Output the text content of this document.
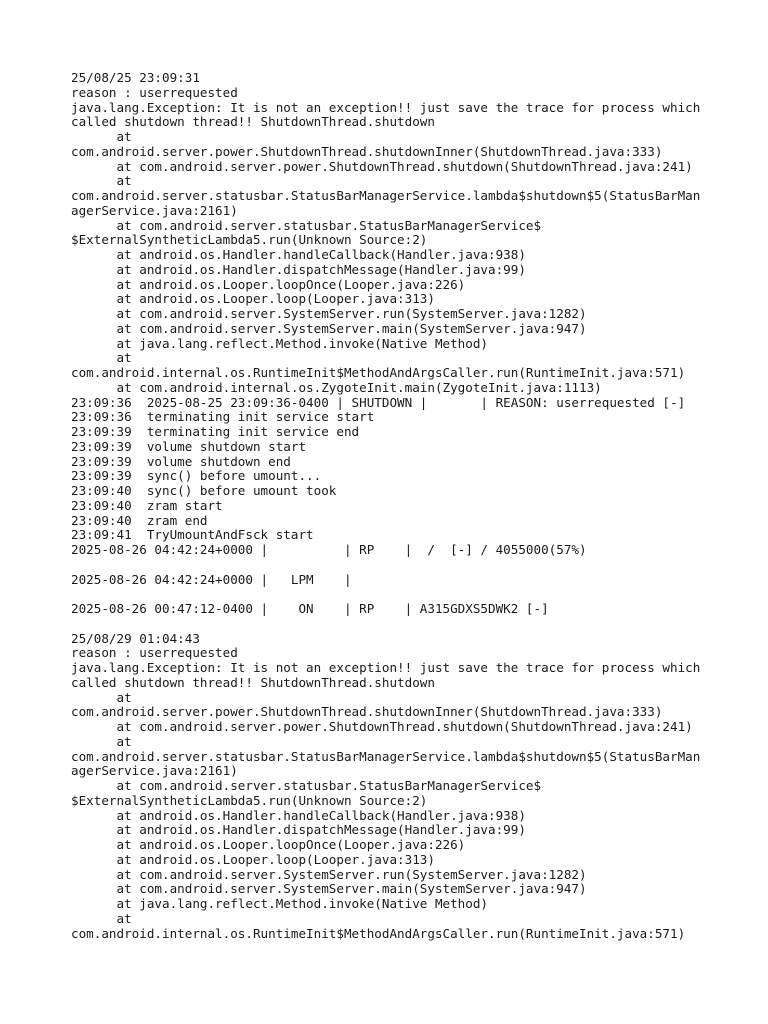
25/08/25 23:09:31
reason : userrequested
java.lang.Exception: It is not an exception!! just save the trace for process which
called shutdown thread!! ShutdownThread.shutdown
at
com.android.server.power.ShutdownThread.shutdownInner(ShutdownThread.java:333)
at com.android.server.power.ShutdownThread.shutdown(ShutdownThread.java:241)
at
com.android.server.statusbar.StatusBarManagerService.lambda$shutdown$5(StatusBarMan
agerService.java:2161)
at com.android.server.statusbar.StatusBarManagerService$
$ExternalSyntheticLambda5.run(Unknown Source:2)
at android.os.Handler.handleCallback(Handler.java:938)
at android.os.Handler.dispatchMessage(Handler.java:99)
at android.os.Looper.loopOnce(Looper.java:226)
at android.os.Looper.loop(Looper.java:313)
at com.android.server.SystemServer.run(SystemServer.java:1282)
at com.android.server.SystemServer.main(SystemServer.java:947)
at java.lang.reflect.Method.invoke(Native Method)
at
com.android.internal.os.RuntimeInit$MethodAndArgsCaller.run(RuntimeInit.java:571)
at com.android.internal.os.ZygoteInit.main(ZygoteInit.java:1113)
23:09:36  2025-08-25 23:09:36-0400 | SHUTDOWN |       | REASON: userrequested [-]
23:09:36  terminating init service start
23:09:39  terminating init service end
23:09:39  volume shutdown start
23:09:39  volume shutdown end
23:09:39  sync() before umount...
23:09:40  sync() before umount took
23:09:40  zram start
23:09:40  zram end
23:09:41  TryUmountAndFsck start
2025-08-26 04:42:24+0000 |          | RP    |  /  [-] / 4055000(57%)
2025-08-26 04:42:24+0000 |   LPM    |
2025-08-26 00:47:12-0400 |    ON    | RP    | A315GDXS5DWK2 [-]
25/08/29 01:04:43
reason : userrequested
java.lang.Exception: It is not an exception!! just save the trace for process which
called shutdown thread!! ShutdownThread.shutdown
at
com.android.server.power.ShutdownThread.shutdownInner(ShutdownThread.java:333)
at com.android.server.power.ShutdownThread.shutdown(ShutdownThread.java:241)
at
com.android.server.statusbar.StatusBarManagerService.lambda$shutdown$5(StatusBarMan
agerService.java:2161)
at com.android.server.statusbar.StatusBarManagerService$
$ExternalSyntheticLambda5.run(Unknown Source:2)
at android.os.Handler.handleCallback(Handler.java:938)
at android.os.Handler.dispatchMessage(Handler.java:99)
at android.os.Looper.loopOnce(Looper.java:226)
at android.os.Looper.loop(Looper.java:313)
at com.android.server.SystemServer.run(SystemServer.java:1282)
at com.android.server.SystemServer.main(SystemServer.java:947)
at java.lang.reflect.Method.invoke(Native Method)
at
com.android.internal.os.RuntimeInit$MethodAndArgsCaller.run(RuntimeInit.java:571)
